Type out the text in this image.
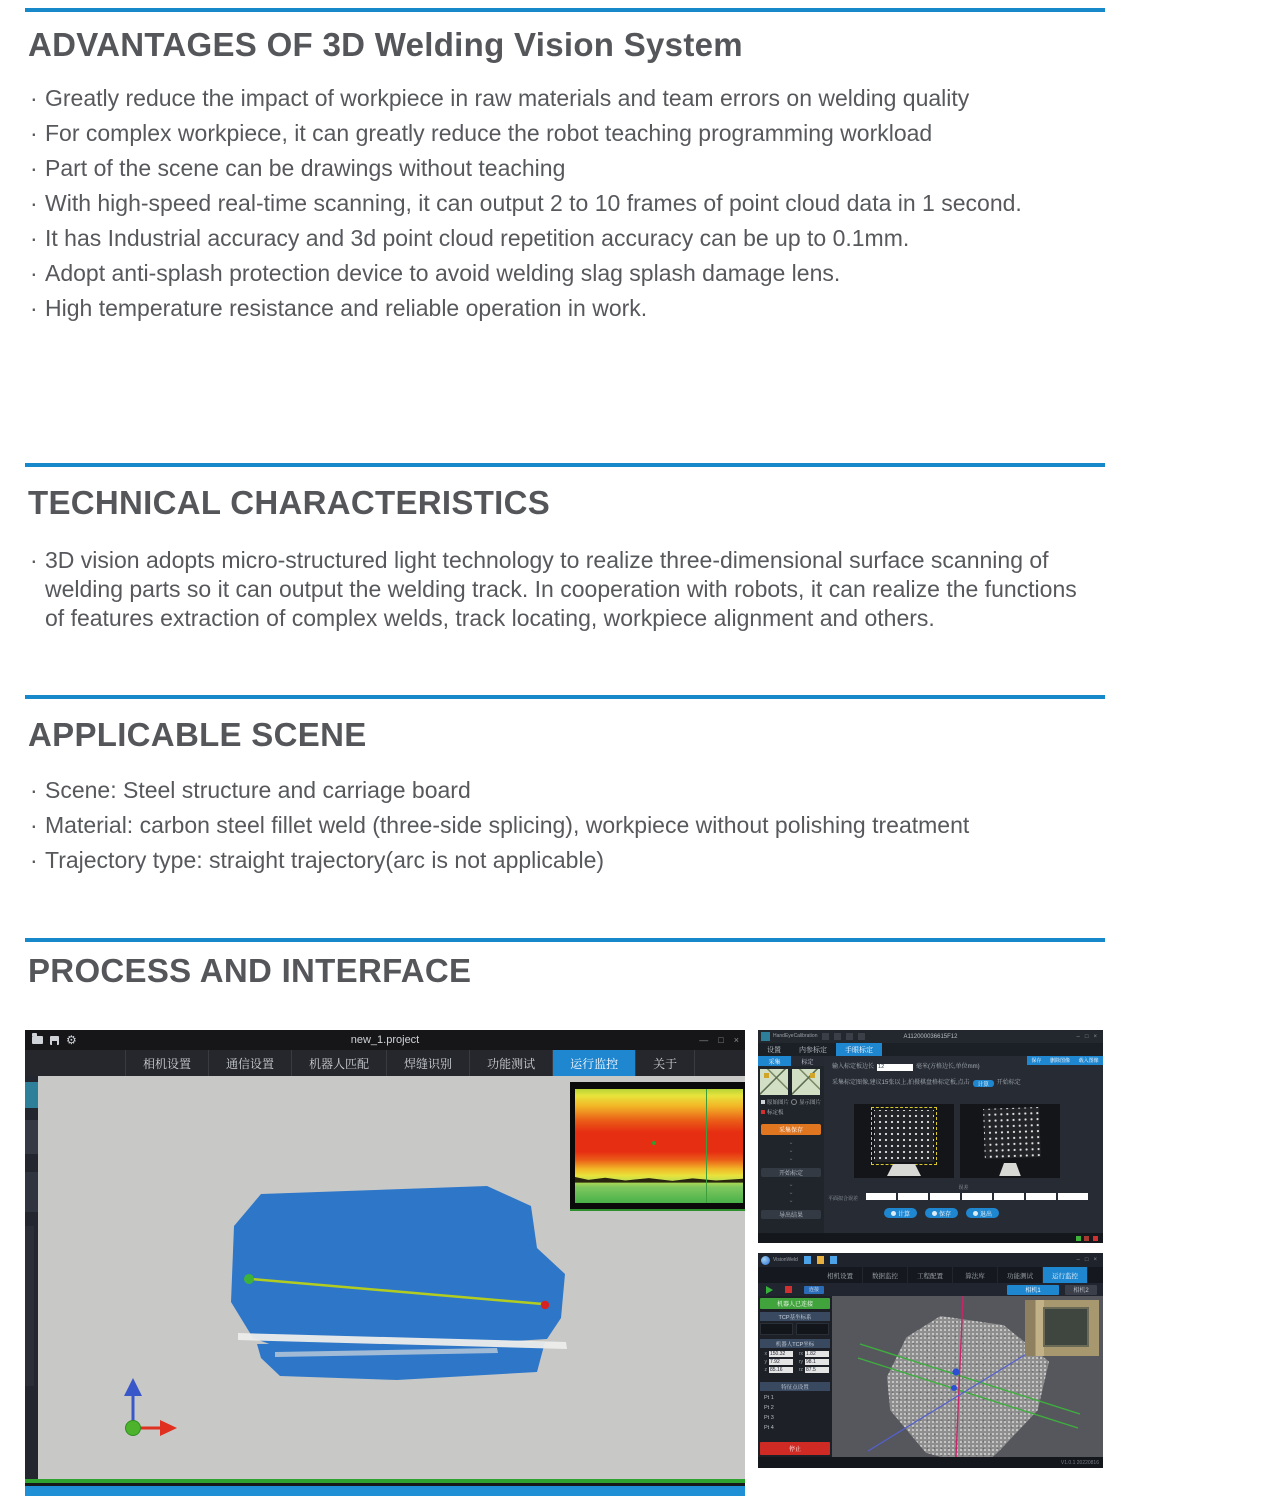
ADVANTAGES OF 3D Welding Vision System
· Greatly reduce the impact of workpiece in raw materials and team errors on welding quality
· For complex workpiece, it can greatly reduce the robot teaching programming workload
· Part of the scene can be drawings without teaching
· With high-speed real-time scanning, it can output 2 to 10 frames of point cloud data in 1 second.
· It has Industrial accuracy and 3d point cloud repetition accuracy can be up to 0.1mm.
· Adopt anti-splash protection device to avoid welding slag splash damage lens.
· High temperature resistance and reliable operation in work.
TECHNICAL CHARACTERISTICS
· 3D vision adopts micro-structured light technology to realize three-dimensional surface scanning of welding parts so it can output the welding track. In cooperation with robots, it can realize the functions of features extraction of complex welds, track locating, workpiece alignment and others.
APPLICABLE SCENE
· Scene: Steel structure and carriage board
· Material: carbon steel fillet weld (three-side splicing), workpiece without polishing treatment
· Trajectory type: straight trajectory(arc is not applicable)
PROCESS AND INTERFACE
⚙	new_1.project	— □ ×
相机设置	通信设置	机器人匹配	焊缝识别	功能测试	运行监控	关于
HandEyeCalibration	A112000036615F12	– □ ×
设置	内参标定	手眼标定
采集	标定
原始图片 显示图片
标定板
采集保存
⌄
⌄
⌄
开始标定
⌄
⌄
⌄
导出结果
保存 删除图像 载入图像
输入标定板边长 12	毫米(方格边长,单位mm)
采集标定图像,建议15张以上,拍摄棋盘格标定板,点击	计算	开始标定
误差
平面拟合误差
计算	保存	退出
VisionWeld	– □ ×
相机设置	数据监控	工程配置	算法库	功能测试	运行监控
连接	相机1	相机2
机器人已连接
TCP基坐标系
机器人TCP坐标
x 150.32	rx 1.82
y 7.92	ry 98.1
z 85.16	rz 87.5
特征点设置
Pt 1
Pt 2
Pt 3
Pt 4
停止
V1.0.1 20220816
